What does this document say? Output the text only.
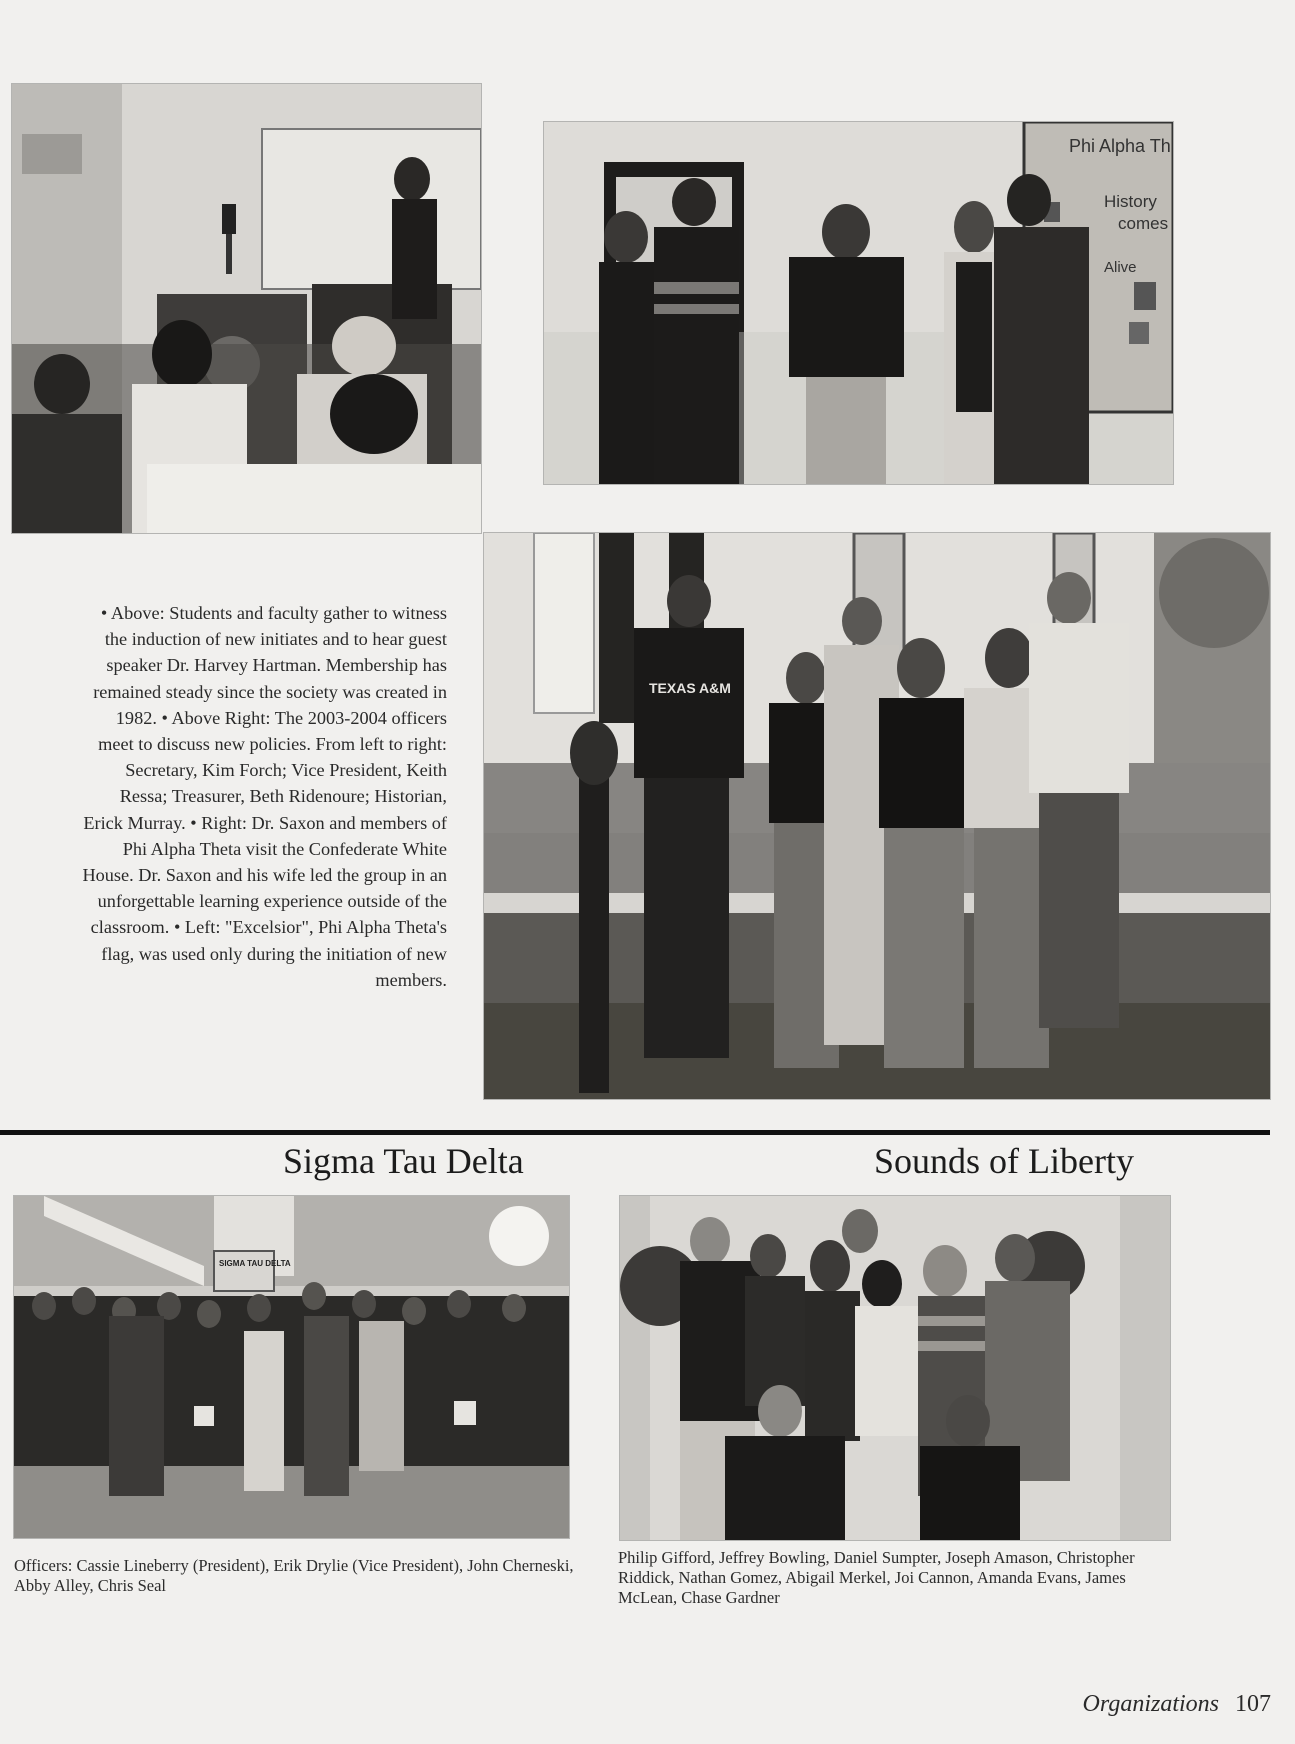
Phi Alpha Th
History
comes
Alive
TEXAS A&M
• Above: Students and faculty gather to witness the induction of new initiates and to hear guest speaker Dr. Harvey Hartman. Membership has remained steady since the society was created in 1982. • Above Right: The 2003-2004 officers meet to discuss new policies. From left to right: Secretary, Kim Forch; Vice President, Keith Ressa; Treasurer, Beth Ridenoure; Historian, Erick Murray. • Right: Dr. Saxon and members of Phi Alpha Theta visit the Confederate White House. Dr. Saxon and his wife led the group in an unforgettable learning experience outside of the classroom. • Left: "Excelsior", Phi Alpha Theta's flag, was used only during the initiation of new members.
Sigma Tau Delta	Sounds of Liberty
SIGMA TAU DELTA
Officers: Cassie Lineberry (President), Erik Drylie (Vice President), John Cherneski, Abby Alley, Chris Seal
Philip Gifford, Jeffrey Bowling, Daniel Sumpter, Joseph Amason, Christopher Riddick, Nathan Gomez, Abigail Merkel, Joi Cannon, Amanda Evans, James McLean, Chase Gardner
Organizations 107
